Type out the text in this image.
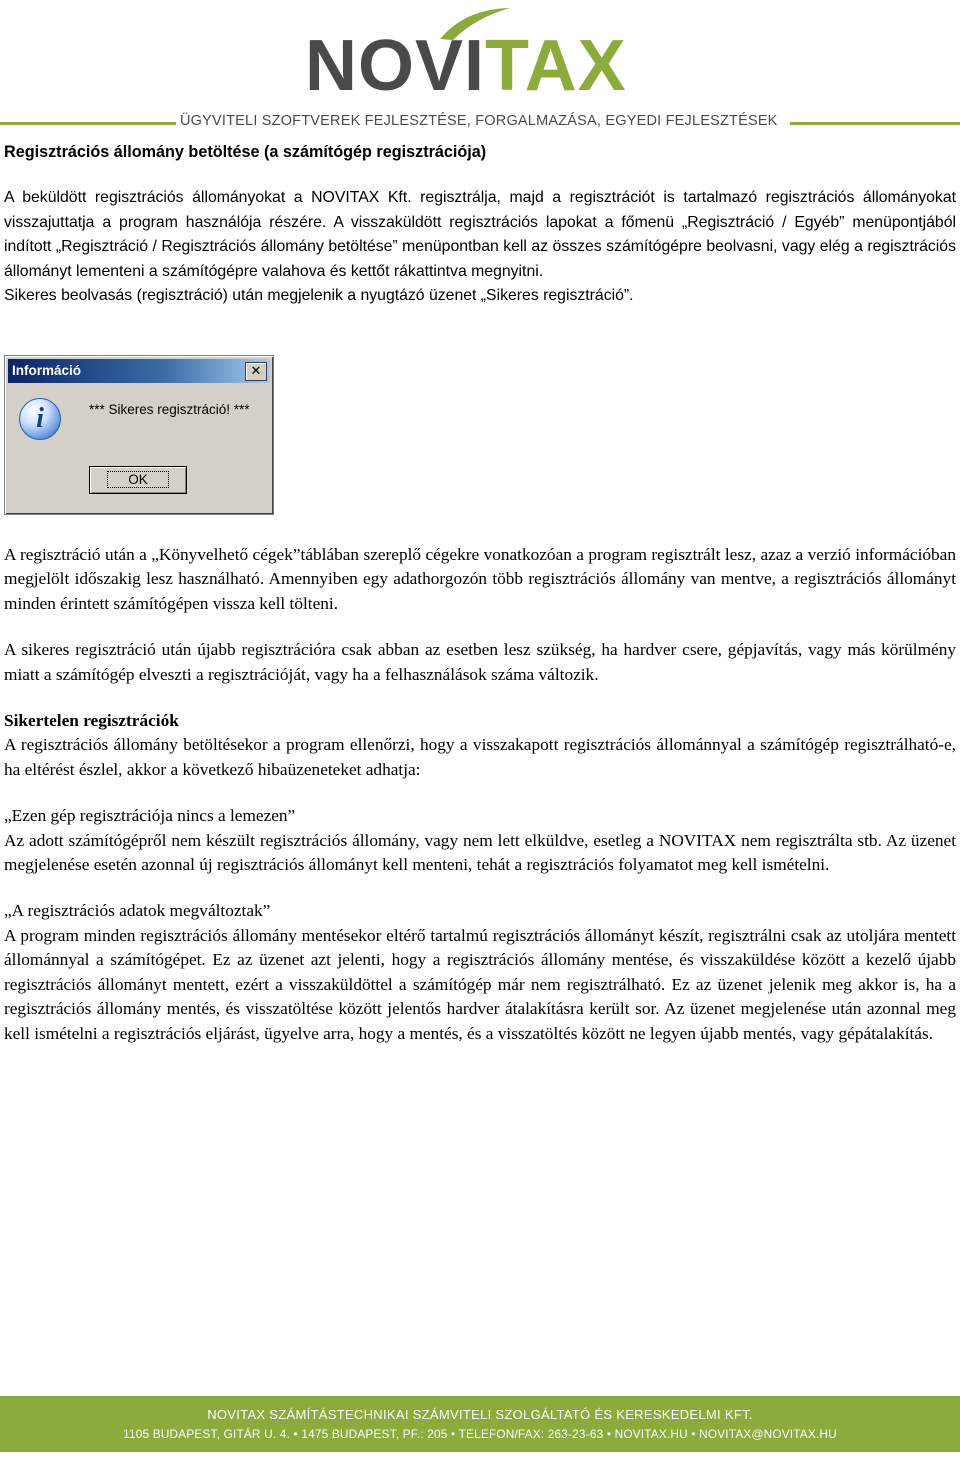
NOVITAX
ÜGYVITELI SZOFTVEREK FEJLESZTÉSE, FORGALMAZÁSA, EGYEDI FEJLESZTÉSEK
Regisztrációs állomány betöltése (a számítógép regisztrációja)

A beküldött regisztrációs állományokat a NOVITAX Kft. regisztrálja, majd a regisztrációt is tartalmazó regisztrációs állományokat visszajuttatja a program használója részére. A visszaküldött regisztrációs lapokat a főmenü „Regisztráció / Egyéb” menüpontjából indított „Regisztráció / Regisztrációs állomány betöltése” menüpontban kell az összes számítógépre beolvasni, vagy elég a regisztrációs állományt lementeni a számítógépre valahova és kettőt rákattintva megnyitni.

Sikeres beolvasás (regisztráció) után megjelenik a nyugtázó üzenet „Sikeres regisztráció”.

Információ	✕
i	*** Sikeres regisztráció! ***
OK

A regisztráció után a „Könyvelhető cégek”táblában szereplő cégekre vonatkozóan a program regisztrált lesz, azaz a verzió információban megjelölt időszakig lesz használható. Amennyiben egy adathorgozón több regisztrációs állomány van mentve, a regisztrációs állományt minden érintett számítógépen vissza kell tölteni.

A sikeres regisztráció után újabb regisztrációra csak abban az esetben lesz szükség, ha hardver csere, gépjavítás, vagy más körülmény miatt a számítógép elveszti a regisztrációját, vagy ha a felhasználások száma változik.

Sikertelen regisztrációk

A regisztrációs állomány betöltésekor a program ellenőrzi, hogy a visszakapott regisztrációs állománnyal a számítógép regisztrálható-e, ha eltérést észlel, akkor a következő hibaüzeneteket adhatja:

„Ezen gép regisztrációja nincs a lemezen”

Az adott számítógépről nem készült regisztrációs állomány, vagy nem lett elküldve, esetleg a NOVITAX nem regisztrálta stb. Az üzenet megjelenése esetén azonnal új regisztrációs állományt kell menteni, tehát a regisztrációs folyamatot meg kell ismételni.

„A regisztrációs adatok megváltoztak”

A program minden regisztrációs állomány mentésekor eltérő tartalmú regisztrációs állományt készít, regisztrálni csak az utoljára mentett állománnyal a számítógépet. Ez az üzenet azt jelenti, hogy a regisztrációs állomány mentése, és visszaküldése között a kezelő újabb regisztrációs állományt mentett, ezért a visszaküldöttel a számítógép már nem regisztrálható. Ez az üzenet jelenik meg akkor is, ha a regisztrációs állomány mentés, és visszatöltése között jelentős hardver átalakításra került sor. Az üzenet megjelenése után azonnal meg kell ismételni a regisztrációs eljárást, ügyelve arra, hogy a mentés, és a visszatöltés között ne legyen újabb mentés, vagy gépátalakítás.

NOVITAX SZÁMÍTÁSTECHNIKAI SZÁMVITELI SZOLGÁLTATÓ ÉS KERESKEDELMI KFT.
1105 BUDAPEST, GITÁR U. 4. • 1475 BUDAPEST, PF.: 205 • TELEFON/FAX: 263-23-63 • NOVITAX.HU • NOVITAX@NOVITAX.HU
